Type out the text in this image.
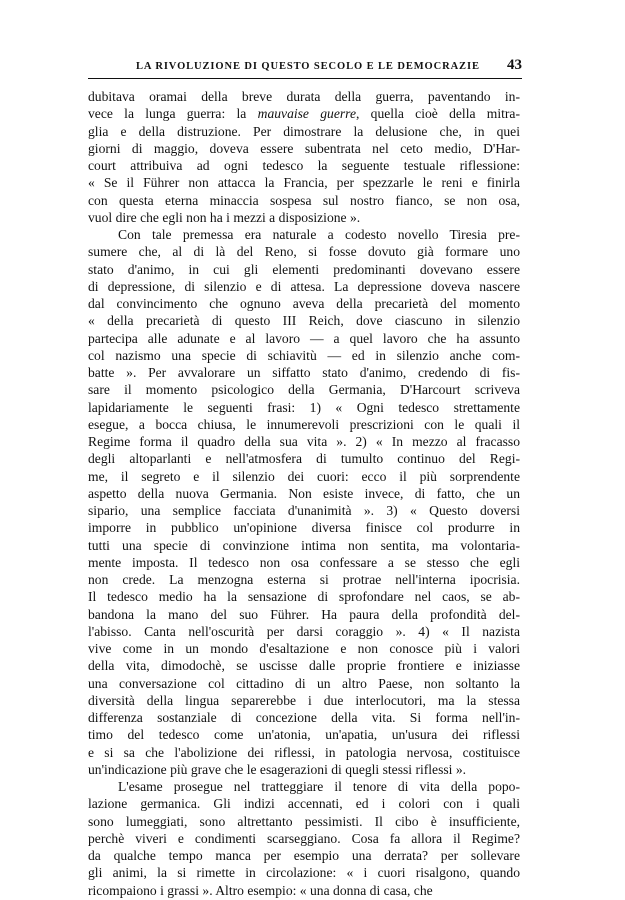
LA RIVOLUZIONE DI QUESTO SECOLO E LE DEMOCRAZIE 43
dubitava oramai della breve durata della guerra, paventando in-
vece la lunga guerra: la mauvaise guerre, quella cioè della mitra-
glia e della distruzione. Per dimostrare la delusione che, in quei
giorni di maggio, doveva essere subentrata nel ceto medio, D'Har-
court attribuiva ad ogni tedesco la seguente testuale riflessione:
« Se il Führer non attacca la Francia, per spezzarle le reni e finirla
con questa eterna minaccia sospesa sul nostro fianco, se non osa,
vuol dire che egli non ha i mezzi a disposizione ».
Con tale premessa era naturale a codesto novello Tiresia pre-
sumere che, al di là del Reno, si fosse dovuto già formare uno
stato d'animo, in cui gli elementi predominanti dovevano essere
di depressione, di silenzio e di attesa. La depressione doveva nascere
dal convincimento che ognuno aveva della precarietà del momento
« della precarietà di questo III Reich, dove ciascuno in silenzio
partecipa alle adunate e al lavoro — a quel lavoro che ha assunto
col nazismo una specie di schiavitù — ed in silenzio anche com-
batte ». Per avvalorare un siffatto stato d'animo, credendo di fis-
sare il momento psicologico della Germania, D'Harcourt scriveva
lapidariamente le seguenti frasi: 1) « Ogni tedesco strettamente
esegue, a bocca chiusa, le innumerevoli prescrizioni con le quali il
Regime forma il quadro della sua vita ». 2) « In mezzo al fracasso
degli altoparlanti e nell'atmosfera di tumulto continuo del Regi-
me, il segreto e il silenzio dei cuori: ecco il più sorprendente
aspetto della nuova Germania. Non esiste invece, di fatto, che un
sipario, una semplice facciata d'unanimità ». 3) « Questo doversi
imporre in pubblico un'opinione diversa finisce col produrre in
tutti una specie di convinzione intima non sentita, ma volontaria-
mente imposta. Il tedesco non osa confessare a se stesso che egli
non crede. La menzogna esterna si protrae nell'interna ipocrisia.
Il tedesco medio ha la sensazione di sprofondare nel caos, se ab-
bandona la mano del suo Führer. Ha paura della profondità del-
l'abisso. Canta nell'oscurità per darsi coraggio ». 4) « Il nazista
vive come in un mondo d'esaltazione e non conosce più i valori
della vita, dimodochè, se uscisse dalle proprie frontiere e iniziasse
una conversazione col cittadino di un altro Paese, non soltanto la
diversità della lingua separerebbe i due interlocutori, ma la stessa
differenza sostanziale di concezione della vita. Si forma nell'in-
timo del tedesco come un'atonia, un'apatia, un'usura dei riflessi
e si sa che l'abolizione dei riflessi, in patologia nervosa, costituisce
un'indicazione più grave che le esagerazioni di quegli stessi riflessi ».
L'esame prosegue nel tratteggiare il tenore di vita della popo-
lazione germanica. Gli indizi accennati, ed i colori con i quali
sono lumeggiati, sono altrettanto pessimisti. Il cibo è insufficiente,
perchè viveri e condimenti scarseggiano. Cosa fa allora il Regime?
da qualche tempo manca per esempio una derrata? per sollevare
gli animi, la si rimette in circolazione: « i cuori risalgono, quando
ricompaiono i grassi ». Altro esempio: « una donna di casa, che
